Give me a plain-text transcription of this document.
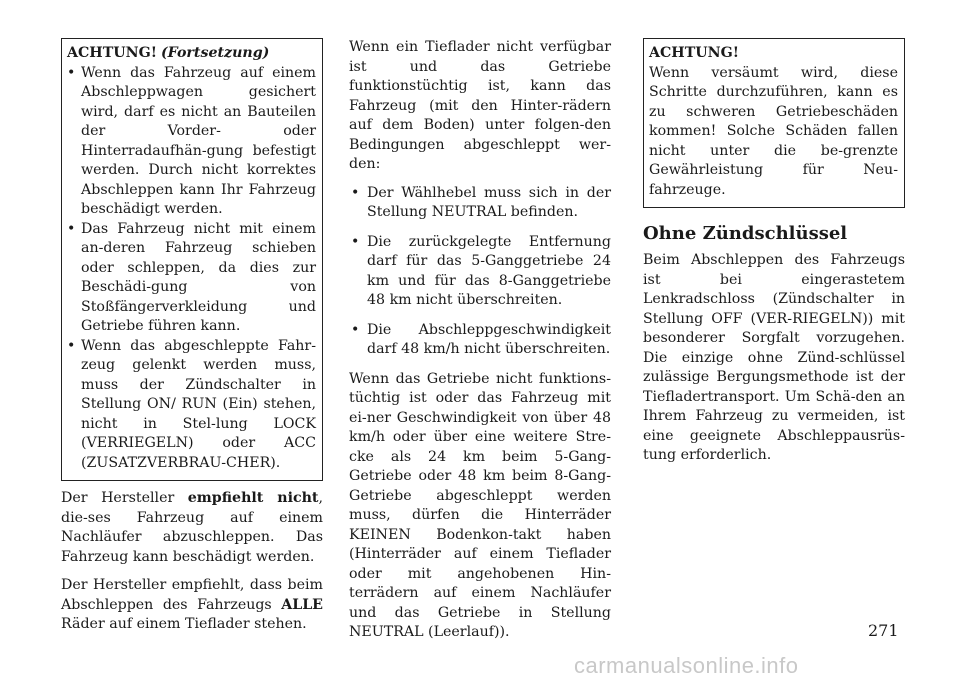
ACHTUNG! (Fortsetzung)
• Wenn das Fahrzeug auf einem Abschleppwagen gesichert wird, darf es nicht an Bauteilen der Vorder- oder Hinterradaufhän-gung befestigt werden. Durch nicht korrektes Abschleppen kann Ihr Fahrzeug beschädigt werden.
• Das Fahrzeug nicht mit einem an-deren Fahrzeug schieben oder schleppen, da dies zur Beschädi-gung von Stoßfängerverkleidung und Getriebe führen kann.
• Wenn das abgeschleppte Fahr-zeug gelenkt werden muss, muss der Zündschalter in Stellung ON/ RUN (Ein) stehen, nicht in Stel-lung LOCK (VERRIEGELN) oder ACC (ZUSATZVERBRAU-CHER).

Der Hersteller empfiehlt nicht, die-ses Fahrzeug auf einem Nachläufer abzuschleppen. Das Fahrzeug kann beschädigt werden.

Der Hersteller empfiehlt, dass beim Abschleppen des Fahrzeugs ALLE Räder auf einem Tieflader stehen.

Wenn ein Tieflader nicht verfügbar ist und das Getriebe funktionstüchtig ist, kann das Fahrzeug (mit den Hinter-rädern auf dem Boden) unter folgen-den Bedingungen abgeschleppt wer-den:

• Der Wählhebel muss sich in der Stellung NEUTRAL befinden.
• Die zurückgelegte Entfernung darf für das 5-Ganggetriebe 24 km und für das 8-Ganggetriebe 48 km nicht überschreiten.
• Die Abschleppgeschwindigkeit darf 48 km/h nicht überschreiten.

Wenn das Getriebe nicht funktions-tüchtig ist oder das Fahrzeug mit ei-ner Geschwindigkeit von über 48 km/h oder über eine weitere Stre-cke als 24 km beim 5-Gang-Getriebe oder 48 km beim 8-Gang-Getriebe abgeschleppt werden muss, dürfen die Hinterräder KEINEN Bodenkon-takt haben (Hinterräder auf einem Tieflader oder mit angehobenen Hin-terrädern auf einem Nachläufer und das Getriebe in Stellung NEUTRAL (Leerlauf)).

ACHTUNG!
Wenn versäumt wird, diese Schritte durchzuführen, kann es zu schweren Getriebeschäden kommen! Solche Schäden fallen nicht unter die be-grenzte Gewährleistung für Neu-fahrzeuge.
Ohne Zündschlüssel

Beim Abschleppen des Fahrzeugs ist bei eingerastetem Lenkradschloss (Zündschalter in Stellung OFF (VER-RIEGELN)) mit besonderer Sorgfalt vorzugehen. Die einzige ohne Zünd-schlüssel zulässige Bergungsmethode ist der Tiefladertransport. Um Schä-den an Ihrem Fahrzeug zu vermeiden, ist eine geeignete Abschleppausrüs-tung erforderlich.

271
carmanualsonline.info
